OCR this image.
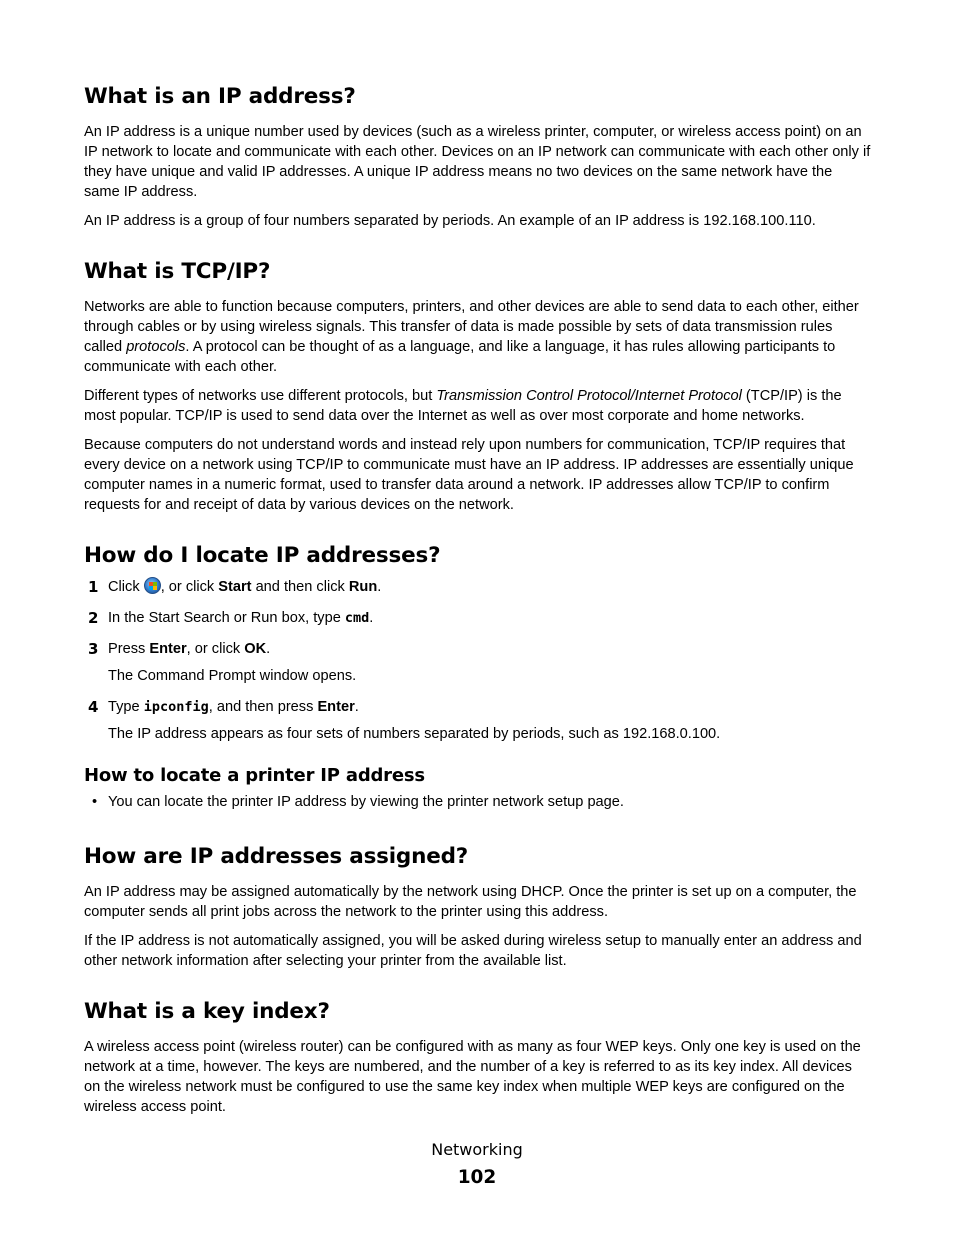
What is an IP address?

An IP address is a unique number used by devices (such as a wireless printer, computer, or wireless access point) on an IP network to locate and communicate with each other. Devices on an IP network can communicate with each other only if they have unique and valid IP addresses. A unique IP address means no two devices on the same network have the same IP address.

An IP address is a group of four numbers separated by periods. An example of an IP address is 192.168.100.110.

What is TCP/IP?

Networks are able to function because computers, printers, and other devices are able to send data to each other, either through cables or by using wireless signals. This transfer of data is made possible by sets of data transmission rules called protocols. A protocol can be thought of as a language, and like a language, it has rules allowing participants to communicate with each other.

Different types of networks use different protocols, but Transmission Control Protocol/Internet Protocol (TCP/IP) is the most popular. TCP/IP is used to send data over the Internet as well as over most corporate and home networks.

Because computers do not understand words and instead rely upon numbers for communication, TCP/IP requires that every device on a network using TCP/IP to communicate must have an IP address. IP addresses are essentially unique computer names in a numeric format, used to transfer data around a network. IP addresses allow TCP/IP to confirm requests for and receipt of data by various devices on the network.

How do I locate IP addresses?
1 Click
, or click Start and then click Run.
2 In the Start Search or Run box, type cmd.
3 Press Enter, or click OK.
The Command Prompt window opens.
4 Type ipconfig, and then press Enter.
The IP address appears as four sets of numbers separated by periods, such as 192.168.0.100.
How to locate a printer IP address
• You can locate the printer IP address by viewing the printer network setup page.
How are IP addresses assigned?

An IP address may be assigned automatically by the network using DHCP. Once the printer is set up on a computer, the computer sends all print jobs across the network to the printer using this address.

If the IP address is not automatically assigned, you will be asked during wireless setup to manually enter an address and other network information after selecting your printer from the available list.

What is a key index?

A wireless access point (wireless router) can be configured with as many as four WEP keys. Only one key is used on the network at a time, however. The keys are numbered, and the number of a key is referred to as its key index. All devices on the wireless network must be configured to use the same key index when multiple WEP keys are configured on the wireless access point.

Networking
102
